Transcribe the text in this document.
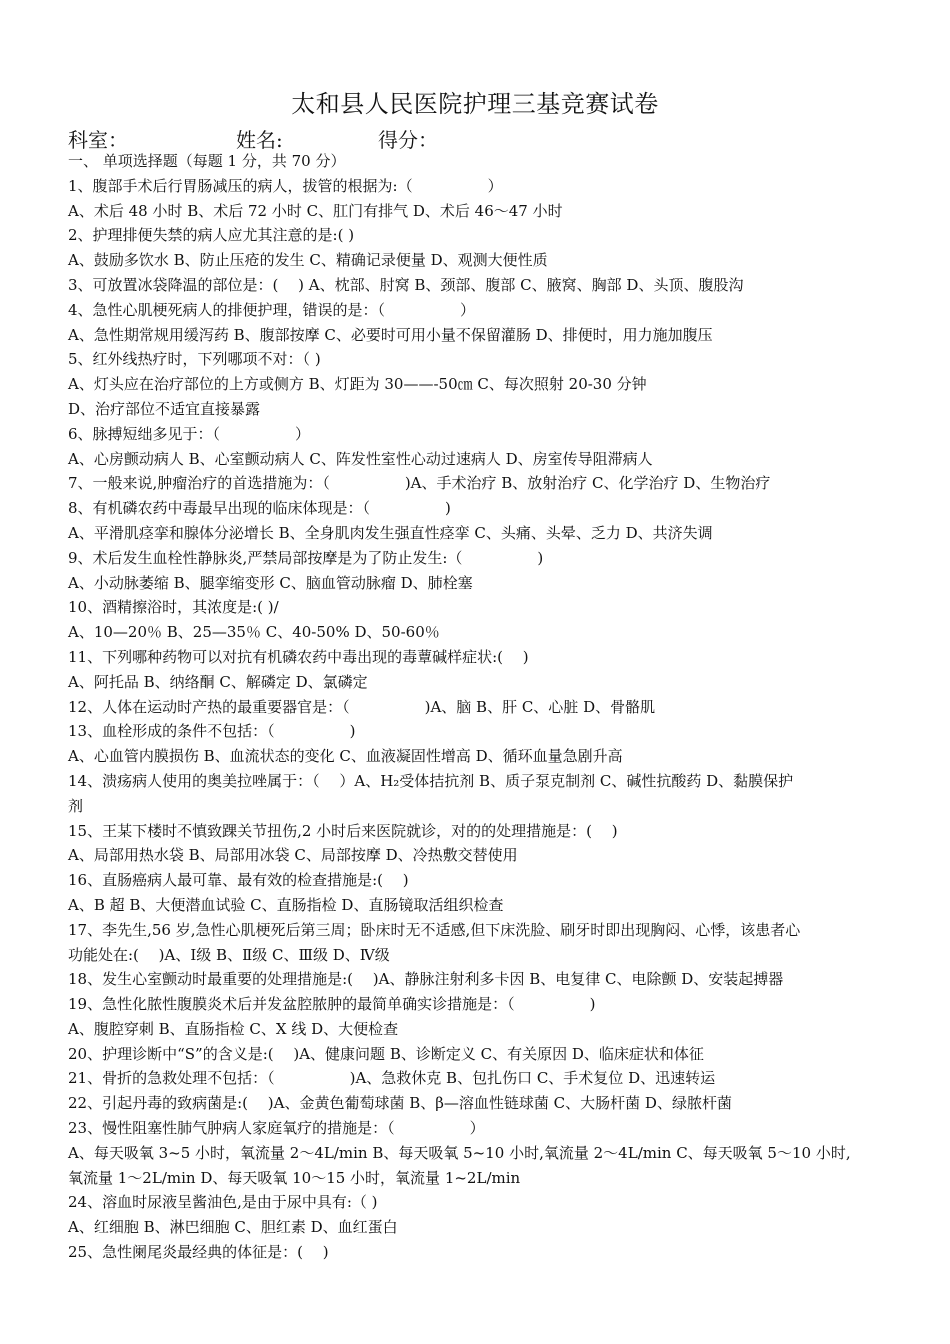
太和县人民医院护理三基竞赛试卷
科室：	姓名:	得分：
一、 单项选择题（每题 1 分，共 70 分）
1、腹部手术后行胃肠减压的病人，拔管的根据为:（　　　　　）
A、术后 48 小时 B、术后 72 小时 C、肛门有排气 D、术后 46～47 小时
2、护理排便失禁的病人应尤其注意的是:( )
A、鼓励多饮水 B、防止压疮的发生 C、精确记录便量 D、观测大便性质
3、可放置冰袋降温的部位是：(　 ) A、枕部、肘窝 B、颈部、腹部 C、腋窝、胸部 D、头顶、腹股沟
4、急性心肌梗死病人的排便护理，错误的是：（　　　　　）
A、急性期常规用缓泻药 B、腹部按摩 C、必要时可用小量不保留灌肠 D、排便时，用力施加腹压
5、红外线热疗时，下列哪项不对：（ )
A、灯头应在治疗部位的上方或侧方 B、灯距为 30——-50㎝ C、每次照射 20-30 分钟
D、治疗部位不适宜直接暴露
6、脉搏短绌多见于：（　　　　　）
A、心房颤动病人 B、心室颤动病人 C、阵发性室性心动过速病人 D、房室传导阻滞病人
7、一般来说,肿瘤治疗的首选措施为：（　　　　　)A、手术治疗 B、放射治疗 C、化学治疗 D、生物治疗
8、有机磷农药中毒最早出现的临床体现是：（　　　　　)
A、平滑肌痉挛和腺体分泌增长 B、全身肌肉发生强直性痉挛 C、头痛、头晕、乏力 D、共济失调
9、术后发生血栓性静脉炎,严禁局部按摩是为了防止发生:（　　　　　)
A、小动脉萎缩 B、腿挛缩变形 C、脑血管动脉瘤 D、肺栓塞
10、酒精擦浴时，其浓度是:( )/
A、10—20％ B、25—35％ C、40-50% D、50-60％
11、下列哪种药物可以对抗有机磷农药中毒出现的毒蕈碱样症状:(　 )
A、阿托品 B、纳络酮 C、解磷定 D、氯磷定
12、人体在运动时产热的最重要器官是：（　　　　　)A、脑 B、肝 C、心脏 D、骨骼肌
13、血栓形成的条件不包括：（　　　　　)
A、心血管内膜损伤 B、血流状态的变化 C、血液凝固性增高 D、循环血量急剧升高
14、溃疡病人使用的奥美拉唑属于：（　 ）A、H₂受体拮抗剂 B、质子泵克制剂 C、碱性抗酸药 D、黏膜保护
剂
15、王某下楼时不慎致踝关节扭伤,2 小时后来医院就诊，对的的处理措施是：(　 )
A、局部用热水袋 B、局部用冰袋 C、局部按摩 D、冷热敷交替使用
16、直肠癌病人最可靠、最有效的检查措施是:(　 )
A、B 超 B、大便潜血试验 C、直肠指检 D、直肠镜取活组织检查
17、李先生,56 岁,急性心肌梗死后第三周；卧床时无不适感,但下床洗脸、刷牙时即出现胸闷、心悸，该患者心
功能处在:(　 )A、Ⅰ级 B、Ⅱ级 C、Ⅲ级 D、Ⅳ级
18、发生心室颤动时最重要的处理措施是:(　 )A、静脉注射利多卡因 B、电复律 C、电除颤 D、安装起搏器
19、急性化脓性腹膜炎术后并发盆腔脓肿的最简单确实诊措施是：（　　　　　)
A、腹腔穿刺 B、直肠指检 C、X 线 D、大便检查
20、护理诊断中“S”的含义是:(　 )A、健康问题 B、诊断定义 C、有关原因 D、临床症状和体征
21、骨折的急救处理不包括：（　　　　　)A、急救休克 B、包扎伤口 C、手术复位 D、迅速转运
22、引起丹毒的致病菌是:(　 )A、金黄色葡萄球菌 B、β—溶血性链球菌 C、大肠杆菌 D、绿脓杆菌
23、慢性阻塞性肺气肿病人家庭氧疗的措施是：（　　　　　）
A、每天吸氧 3~5 小时，氧流量 2～4L/min B、每天吸氧 5~10 小时,氧流量 2～4L/min C、每天吸氧 5～10 小时,
氧流量 1～2L/min D、每天吸氧 10～15 小时，氧流量 1~2L/min
24、溶血时尿液呈酱油色,是由于尿中具有:（ )
A、红细胞 B、淋巴细胞 C、胆红素 D、血红蛋白
25、急性阑尾炎最经典的体征是：(　 )
